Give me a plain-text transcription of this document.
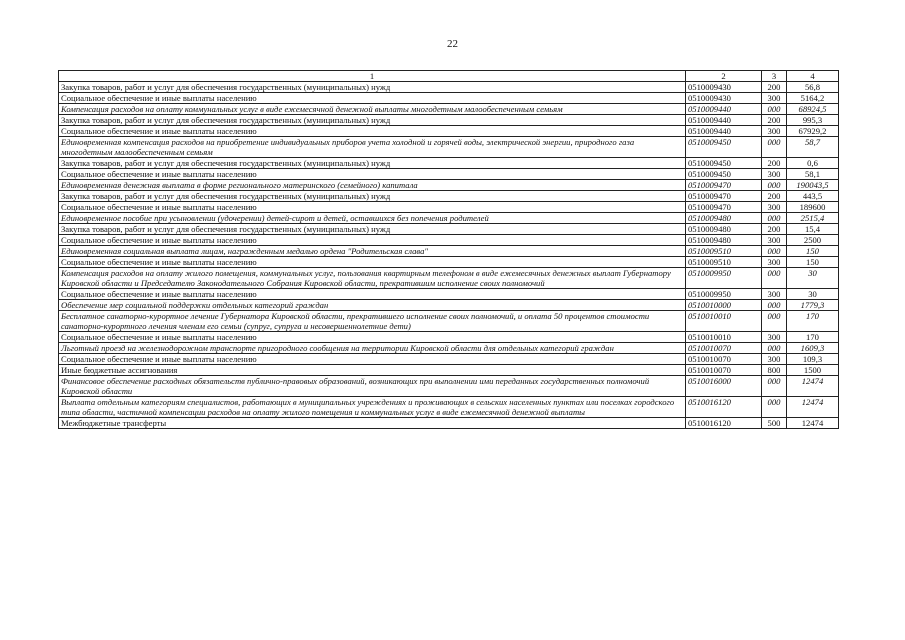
22
1	2	3	4
Закупка товаров, работ и услуг для обеспечения государственных (муниципальных) нужд	0510009430	200	56,8
Социальное обеспечение и иные выплаты населению	0510009430	300	5164,2
Компенсация расходов на оплату коммунальных услуг в виде ежемесячной денежной выплаты многодетным малообеспеченным семьям	0510009440	000	68924,5
Закупка товаров, работ и услуг для обеспечения государственных (муниципальных) нужд	0510009440	200	995,3
Социальное обеспечение и иные выплаты населению	0510009440	300	67929,2
Единовременная компенсация расходов на приобретение индивидуальных приборов учета холодной и горячей воды, электрической энергии, природного газа многодетным малообеспеченным семьям	0510009450	000	58,7
Закупка товаров, работ и услуг для обеспечения государственных (муниципальных) нужд	0510009450	200	0,6
Социальное обеспечение и иные выплаты населению	0510009450	300	58,1
Единовременная денежная выплата в форме регионального материнского (семейного) капитала	0510009470	000	190043,5
Закупка товаров, работ и услуг для обеспечения государственных (муниципальных) нужд	0510009470	200	443,5
Социальное обеспечение и иные выплаты населению	0510009470	300	189600
Единовременное пособие при усыновлении (удочерении) детей-сирот и детей, оставшихся без попечения родителей	0510009480	000	2515,4
Закупка товаров, работ и услуг для обеспечения государственных (муниципальных) нужд	0510009480	200	15,4
Социальное обеспечение и иные выплаты населению	0510009480	300	2500
Единовременная социальная выплата лицам, награжденным медалью ордена "Родительская слава"	0510009510	000	150
Социальное обеспечение и иные выплаты населению	0510009510	300	150
Компенсация расходов на оплату жилого помещения, коммунальных услуг, пользования квартирным телефоном в виде ежемесячных денежных выплат Губернатору Кировской области и Председателю Законодательного Собрания Кировской области, прекратившим исполнение своих полномочий	0510009950	000	30
Социальное обеспечение и иные выплаты населению	0510009950	300	30
Обеспечение мер социальной поддержки отдельных категорий граждан	0510010000	000	1779,3
Бесплатное санаторно-курортное лечение Губернатора Кировской области, прекратившего исполнение своих полномочий, и оплата 50 процентов стоимости санаторно-курортного лечения членам его семьи (супруг, супруга и несовершеннолетние дети)	0510010010	000	170
Социальное обеспечение и иные выплаты населению	0510010010	300	170
Льготный проезд на железнодорожном транспорте пригородного сообщения на территории Кировской области для отдельных категорий граждан	0510010070	000	1609,3
Социальное обеспечение и иные выплаты населению	0510010070	300	109,3
Иные бюджетные ассигнования	0510010070	800	1500
Финансовое обеспечение расходных обязательств публично-правовых образований, возникающих при выполнении ими переданных государственных полномочий Кировской области	0510016000	000	12474
Выплата отдельным категориям специалистов, работающих в муниципальных учреждениях и проживающих в сельских населенных пунктах или поселках городского типа области, частичной компенсации расходов на оплату жилого помещения и коммунальных услуг в виде ежемесячной денежной выплаты	0510016120	000	12474
Межбюджетные трансферты	0510016120	500	12474
